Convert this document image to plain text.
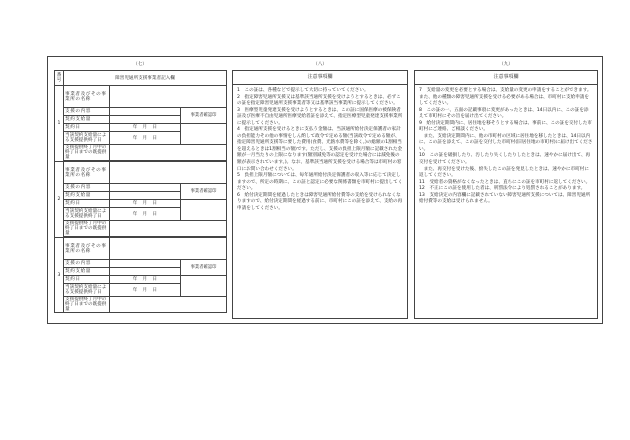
（七）
番号	障害児通所支援事業者記入欄		
1	事業者及びその事業所の名称		
	支援の内容		事業者確認印
	契約支給量		
	契約日	年　月　日	
	当該契約支給量による支援提供終了日	年　月　日	
	支援提供終了月中の終了日までの既提供量		

2	事業者及びその事業所の名称		
	支援の内容		事業者確認印
	契約支給量		
	契約日	年　月　日	
	当該契約支給量による支援提供終了日	年　月　日	
	支援提供終了月中の終了日までの既提供量		

3	事業者及びその事業所の名称		
	支援の内容		事業者確認印
	契約支給量		
	契約日	年　月　日	
	当該契約支給量による支援提供終了日	年　月　日	
	支援提供終了月中の終了日までの既提供量		
（八）
注意事項欄

1　この証は、各種などで提示して大切に持っていてください。

2　指定障害児通所支援又は基準該当通所支援を受けようとするときは、必ずこの証を指定障害児通所支援事業者等又は基準該当事業所に提示してください。

3　医療型児童発達支援を受けようとするときは、この証に国保医療の被保険者証及び医療不自由児通所医療受給者証を添えて、指定医療型児童発達支援事業所に提示してください。

4　指定通所支援を受けるときに支払う金額は、当該通所給付決定保護者の家計の負担能力その他の事情をしん酌して政令で定める額(当該政令で定める額が、指定障害児通所支援等に要した費用(食費、光熱水費等を除く。)の総額の1割相当を超えるときは1割相当の額)です。ただし、支援の負担上限月額に記載された金額が一月当たりの上限になります(額別減免等の認定を受けた場合には減免後の額が表示されています。)。なお、基準該当通所支援を受ける場合等は市町村の窓口にお問い合わせください。

5　負担上限月額については、毎年通所給付決定保護者の収入等に応じて決定しますので、所定の時期に、この証と認定に必要な関係書類を市町村に提出してください。

6　給付決定期間を経過したときは障害児通所給付費等の支給を受けられなくなりますので、給付決定期間を経過する前に、市町村にこの証を添えて、支給の再申請をしてください。

（九）
注意事項欄

7　支給量の変更を必要とする場合は、支給量の変更の申請をすることができます。また、他の種類の障害児通所支援を受ける必要がある場合は、市町村に支給申請をしてください。

8　この証の一、五面の記載事項に変更があったときは、14日以内に、この証を添えて市町村にその旨を届け出てください。

9　給付決定期間内に、居住地を移そうとする場合は、事前に、この証を交付した市町村にご連絡、ご相談ください。

　また、支給決定期間内に、他の市町村の区域に居住地を移したときは、14日以内に、この証を添えて、この証を交付した市町村(旧居住地の市町村)に届け出てください。

10　この証を破損したり、汚したり失くしたりしたときは、速やかに届け出て、再交付を受けてください。

　また、再交付を受けた後、紛失したこの証を発見したときは、速やかに市町村に返してください。

11　受給者の資格がなくなったときは、直ちにこの証を市町村に返してください。

12　不正にこの証を使用した者は、刑罰法令により処罰されることがあります。

13　支給決定の内容欄に記載されていない障害児通所支援については、障害児通所給付費等の支給は受けられません。
